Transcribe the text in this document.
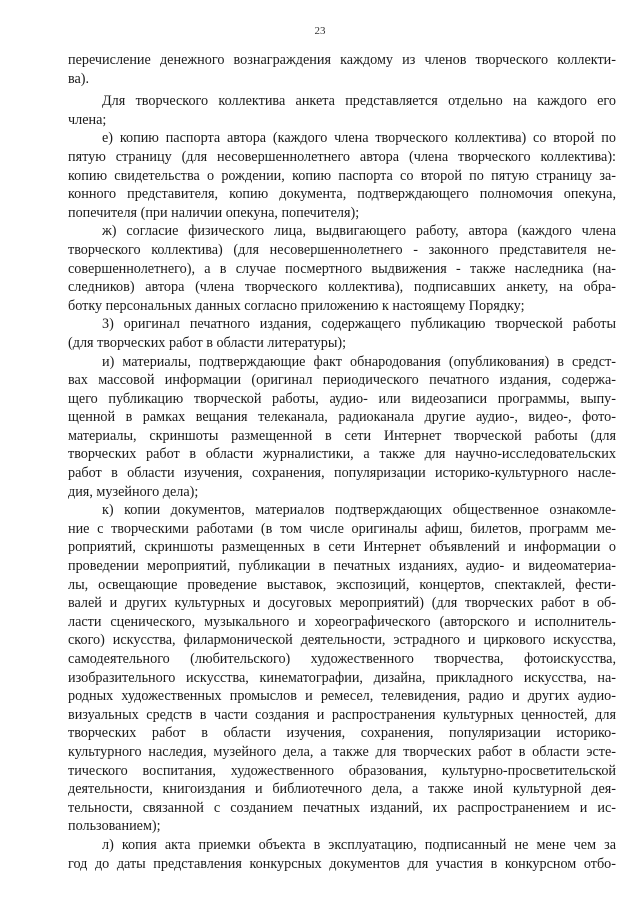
23
перечисление денежного вознаграждения каждому из членов творческого коллекти-
ва).
Для творческого коллектива анкета представляется отдельно на каждого его
члена;
е) копию паспорта автора (каждого члена творческого коллектива) со второй по
пятую страницу (для несовершеннолетнего автора (члена творческого коллектива):
копию свидетельства о рождении, копию паспорта со второй по пятую страницу за-
конного представителя, копию документа, подтверждающего полномочия опекуна,
попечителя (при наличии опекуна, попечителя);
ж) согласие физического лица, выдвигающего работу, автора (каждого члена
творческого коллектива) (для несовершеннолетнего - законного представителя не-
совершеннолетнего), а в случае посмертного выдвижения - также наследника (на-
следников) автора (члена творческого коллектива), подписавших анкету, на обра-
ботку персональных данных согласно приложению к настоящему Порядку;
3) оригинал печатного издания, содержащего публикацию творческой работы
(для творческих работ в области литературы);
и) материалы, подтверждающие факт обнародования (опубликования) в средст-
вах массовой информации (оригинал периодического печатного издания, содержа-
щего публикацию творческой работы, аудио- или видеозаписи программы, выпу-
щенной в рамках вещания телеканала, радиоканала другие аудио-, видео-, фото-
материалы, скриншоты размещенной в сети Интернет творческой работы (для
творческих работ в области журналистики, а также для научно-исследовательских
работ в области изучения, сохранения, популяризации историко-культурного насле-
дия, музейного дела);
к) копии документов, материалов подтверждающих общественное ознакомле-
ние с творческими работами (в том числе оригиналы афиш, билетов, программ ме-
роприятий, скриншоты размещенных в сети Интернет объявлений и информации о
проведении мероприятий, публикации в печатных изданиях, аудио- и видеоматериа-
лы, освещающие проведение выставок, экспозиций, концертов, спектаклей, фести-
валей и других культурных и досуговых мероприятий) (для творческих работ в об-
ласти сценического, музыкального и хореографического (авторского и исполнитель-
ского) искусства, филармонической деятельности, эстрадного и циркового искусства,
самодеятельного (любительского) художественного творчества, фотоискусства,
изобразительного искусства, кинематографии, дизайна, прикладного искусства, на-
родных художественных промыслов и ремесел, телевидения, радио и других аудио-
визуальных средств в части создания и распространения культурных ценностей, для
творческих работ в области изучения, сохранения, популяризации историко-
культурного наследия, музейного дела, а также для творческих работ в области эсте-
тического воспитания, художественного образования, культурно-просветительской
деятельности, книгоиздания и библиотечного дела, а также иной культурной дея-
тельности, связанной с созданием печатных изданий, их распространением и ис-
пользованием);
л) копия акта приемки объекта в эксплуатацию, подписанный не мене чем за
год до даты представления конкурсных документов для участия в конкурсном отбо-
